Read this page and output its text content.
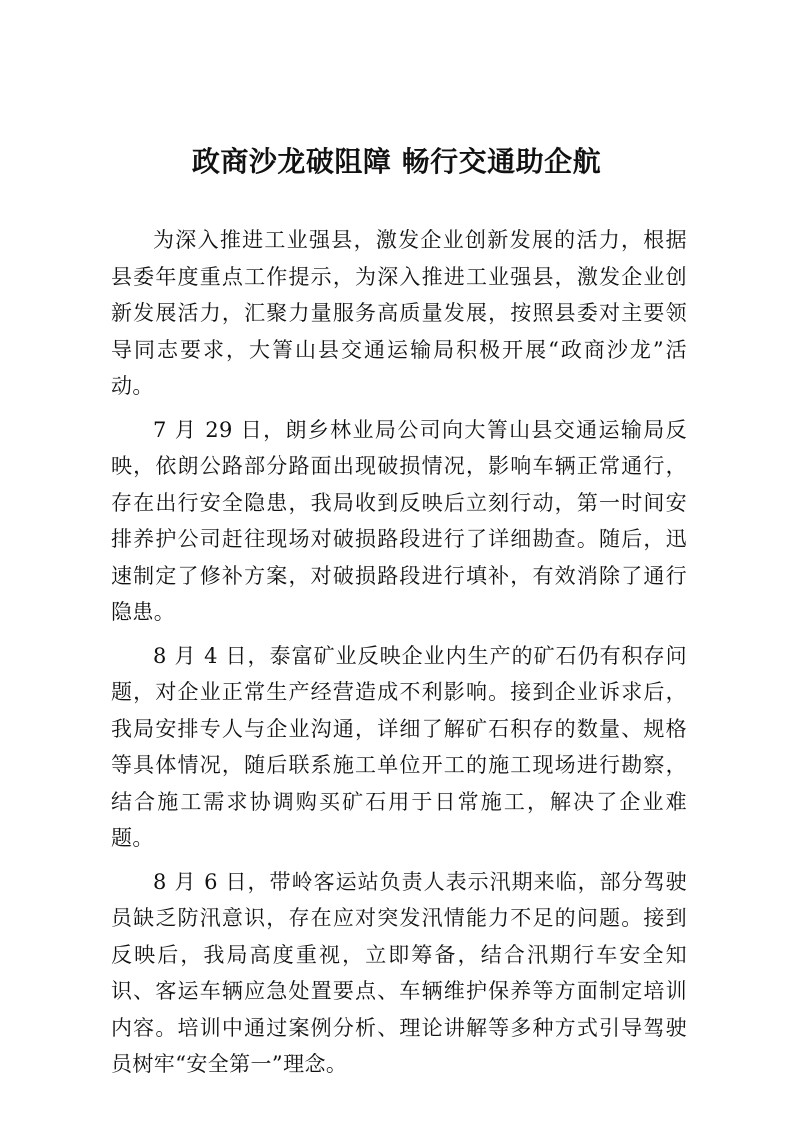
政商沙龙破阻障 畅行交通助企航

为深入推进工业强县，激发企业创新发展的活力，根据县委年度重点工作提示，为深入推进工业强县，激发企业创新发展活力，汇聚力量服务高质量发展，按照县委对主要领导同志要求，大箐山县交通运输局积极开展“政商沙龙”活动。

7 月 29 日，朗乡林业局公司向大箐山县交通运输局反映，依朗公路部分路面出现破损情况，影响车辆正常通行，存在出行安全隐患，我局收到反映后立刻行动，第一时间安排养护公司赶往现场对破损路段进行了详细勘查。随后，迅速制定了修补方案，对破损路段进行填补，有效消除了通行隐患。

8 月 4 日，泰富矿业反映企业内生产的矿石仍有积存问题，对企业正常生产经营造成不利影响。接到企业诉求后，我局安排专人与企业沟通，详细了解矿石积存的数量、规格等具体情况，随后联系施工单位开工的施工现场进行勘察，结合施工需求协调购买矿石用于日常施工，解决了企业难题。

8 月 6 日，带岭客运站负责人表示汛期来临，部分驾驶员缺乏防汛意识，存在应对突发汛情能力不足的问题。接到反映后，我局高度重视，立即筹备，结合汛期行车安全知识、客运车辆应急处置要点、车辆维护保养等方面制定培训内容。培训中通过案例分析、理论讲解等多种方式引导驾驶员树牢“安全第一”理念。
